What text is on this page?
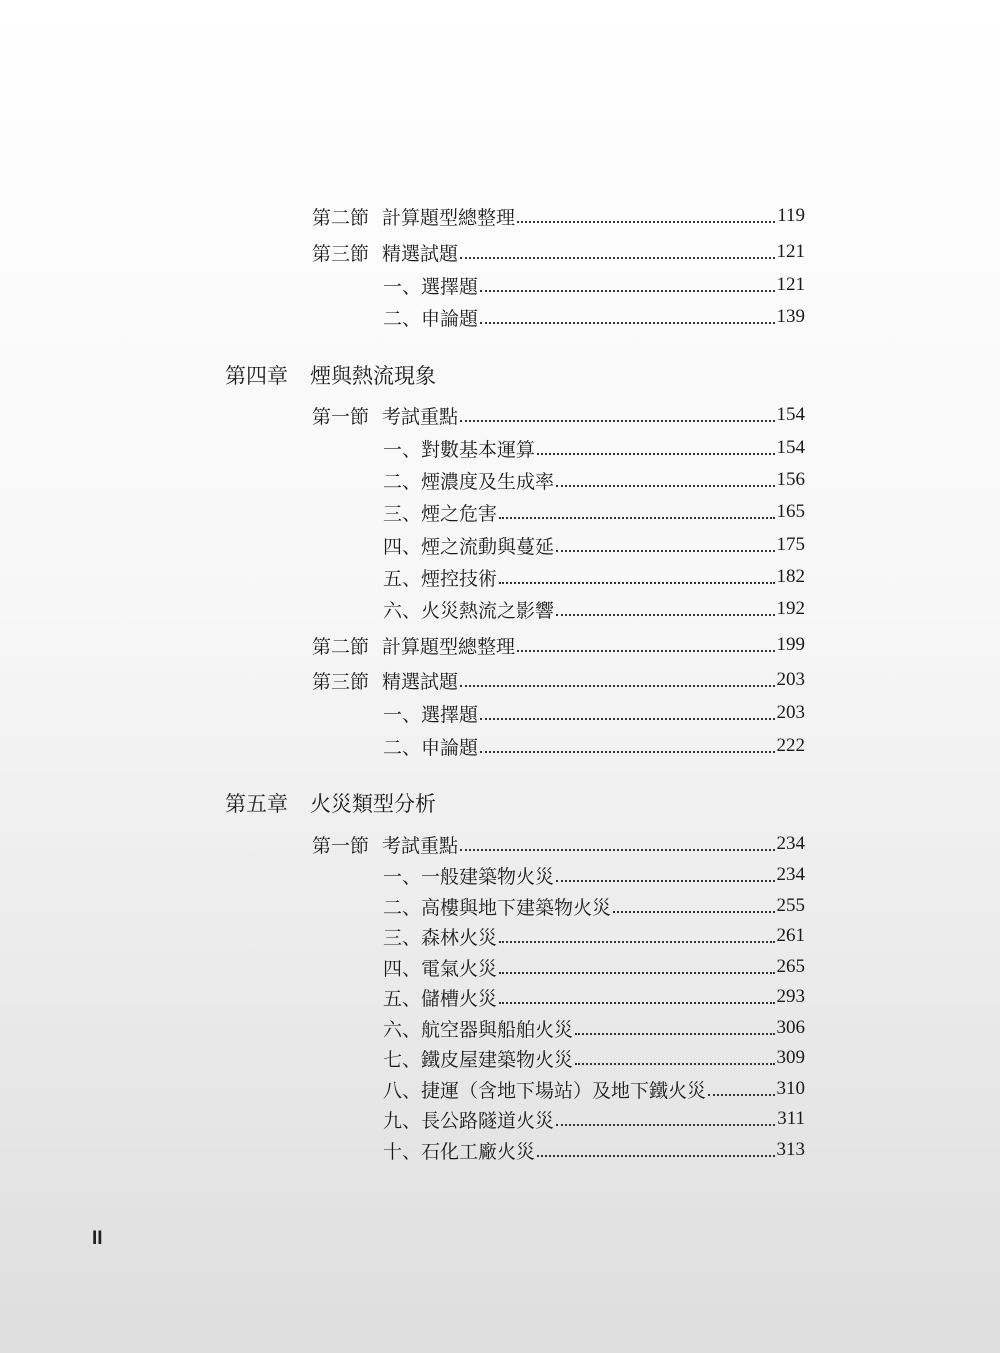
第二節 計算題型總整理	119
第三節 精選試題	121
一、選擇題	121
二、申論題	139
第四章	煙與熱流現象
第一節 考試重點	154
一、對數基本運算	154
二、煙濃度及生成率	156
三、煙之危害	165
四、煙之流動與蔓延	175
五、煙控技術	182
六、火災熱流之影響	192
第二節 計算題型總整理	199
第三節 精選試題	203
一、選擇題	203
二、申論題	222
第五章	火災類型分析
第一節 考試重點	234
一、一般建築物火災	234
二、高樓與地下建築物火災	255
三、森林火災	261
四、電氣火災	265
五、儲槽火災	293
六、航空器與船舶火災	306
七、鐵皮屋建築物火災	309
八、捷運（含地下場站）及地下鐵火災	310
九、長公路隧道火災	311
十、石化工廠火災	313
II
